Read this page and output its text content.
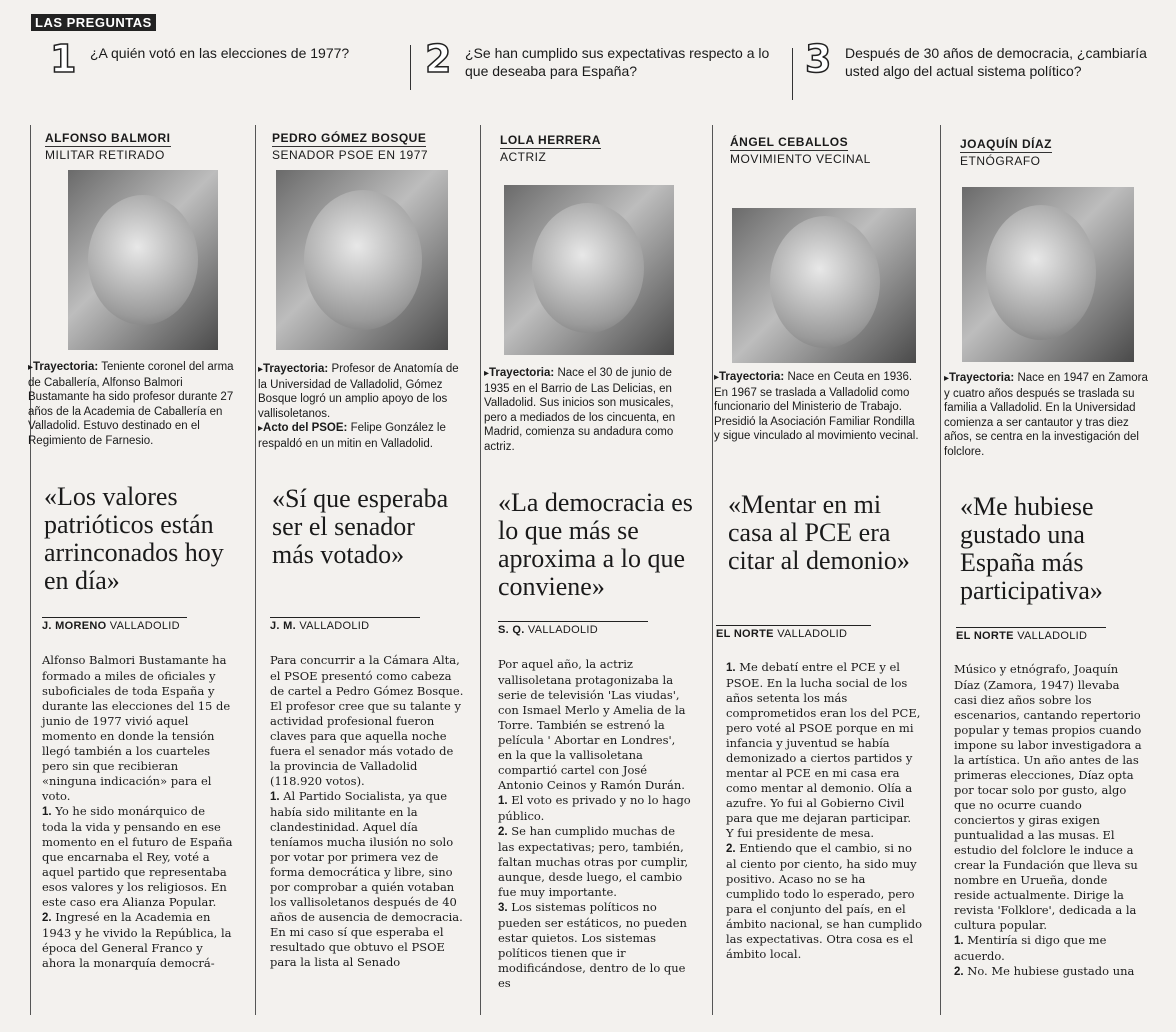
LAS PREGUNTAS
1 ¿A quién votó en las elecciones de 1977?	2 ¿Se han cumplido sus expectativas respecto a lo que deseaba para España?	3 Después de 30 años de democracia, ¿cambiaría usted algo del actual sistema político?
ALFONSO BALMORI
MILITAR RETIRADO
▸Trayectoria: Teniente coronel del arma de Caballería, Alfonso Balmori Bustamante ha sido profesor durante 27 años de la Academia de Caballería en Valladolid. Estuvo destinado en el Regimiento de Farnesio.
«Los valores patrióticos están arrinconados hoy en día»
J. MORENO VALLADOLID

Alfonso Balmori Bustamante ha formado a miles de oficiales y suboficiales de toda España y durante las elecciones del 15 de junio de 1977 vivió aquel momento en donde la tensión llegó también a los cuarteles pero sin que recibieran «ninguna indicación» para el voto.

1. Yo he sido monárquico de toda la vida y pensando en ese momento en el futuro de España que encarnaba el Rey, voté a aquel partido que representaba esos valores y los religiosos. En este caso era Alianza Popular.

2. Ingresé en la Academia en 1943 y he vivido la República, la época del General Franco y ahora la monarquía democrá-

PEDRO GÓMEZ BOSQUE
SENADOR PSOE EN 1977
▸Trayectoria: Profesor de Anatomía de la Universidad de Valladolid, Gómez Bosque logró un amplio apoyo de los vallisoletanos.
▸Acto del PSOE: Felipe González le respaldó en un mitin en Valladolid.
«Sí que esperaba ser el senador más votado»
J. M. VALLADOLID

Para concurrir a la Cámara Alta, el PSOE presentó como cabeza de cartel a Pedro Gómez Bosque. El profesor cree que su talante y actividad profesional fueron claves para que aquella noche fuera el senador más votado de la provincia de Valladolid (118.920 votos).

1. Al Partido Socialista, ya que había sido militante en la clandestinidad. Aquel día teníamos mucha ilusión no solo por votar por primera vez de forma democrática y libre, sino por comprobar a quién votaban los vallisoletanos después de 40 años de ausencia de democracia. En mi caso sí que esperaba el resultado que obtuvo el PSOE para la lista al Senado

LOLA HERRERA
ACTRIZ
▸Trayectoria: Nace el 30 de junio de 1935 en el Barrio de Las Delicias, en Valladolid. Sus inicios son musicales, pero a mediados de los cincuenta, en Madrid, comienza su andadura como actriz.
«La democracia es lo que más se aproxima a lo que conviene»
S. Q. VALLADOLID

Por aquel año, la actriz vallisoletana protagonizaba la serie de televisión 'Las viudas', con Ismael Merlo y Amelia de la Torre. También se estrenó la película ' Abortar en Londres', en la que la vallisoletana compartió cartel con José Antonio Ceinos y Ramón Durán.

1. El voto es privado y no lo hago público.

2. Se han cumplido muchas de las expectativas; pero, también, faltan muchas otras por cumplir, aunque, desde luego, el cambio fue muy importante.

3. Los sistemas políticos no pueden ser estáticos, no pueden estar quietos. Los sistemas políticos tienen que ir modificándose, dentro de lo que es

ÁNGEL CEBALLOS
MOVIMIENTO VECINAL
▸Trayectoria: Nace en Ceuta en 1936. En 1967 se traslada a Valladolid como funcionario del Ministerio de Trabajo. Presidió la Asociación Familiar Rondilla y sigue vinculado al movimiento vecinal.
«Mentar en mi casa al PCE era citar al demonio»
EL NORTE VALLADOLID

1. Me debatí entre el PCE y el PSOE. En la lucha social de los años setenta los más comprometidos eran los del PCE, pero voté al PSOE porque en mi infancia y juventud se había demonizado a ciertos partidos y mentar al PCE en mi casa era como mentar al demonio. Olía a azufre. Yo fui al Gobierno Civil para que me dejaran participar. Y fui presidente de mesa.

2. Entiendo que el cambio, si no al ciento por ciento, ha sido muy positivo. Acaso no se ha cumplido todo lo esperado, pero para el conjunto del país, en el ámbito nacional, se han cumplido las expectativas. Otra cosa es el ámbito local.

JOAQUÍN DÍAZ
ETNÓGRAFO
▸Trayectoria: Nace en 1947 en Zamora y cuatro años después se traslada su familia a Valladolid. En la Universidad comienza a ser cantautor y tras diez años, se centra en la investigación del folclore.
«Me hubiese gustado una España más participativa»
EL NORTE VALLADOLID

Músico y etnógrafo, Joaquín Díaz (Zamora, 1947) llevaba casi diez años sobre los escenarios, cantando repertorio popular y temas propios cuando impone su labor investigadora a la artística. Un año antes de las primeras elecciones, Díaz opta por tocar solo por gusto, algo que no ocurre cuando conciertos y giras exigen puntualidad a las musas. El estudio del folclore le induce a crear la Fundación que lleva su nombre en Urueña, donde reside actualmente. Dirige la revista 'Folklore', dedicada a la cultura popular.

1. Mentiría si digo que me acuerdo.

2. No. Me hubiese gustado una
